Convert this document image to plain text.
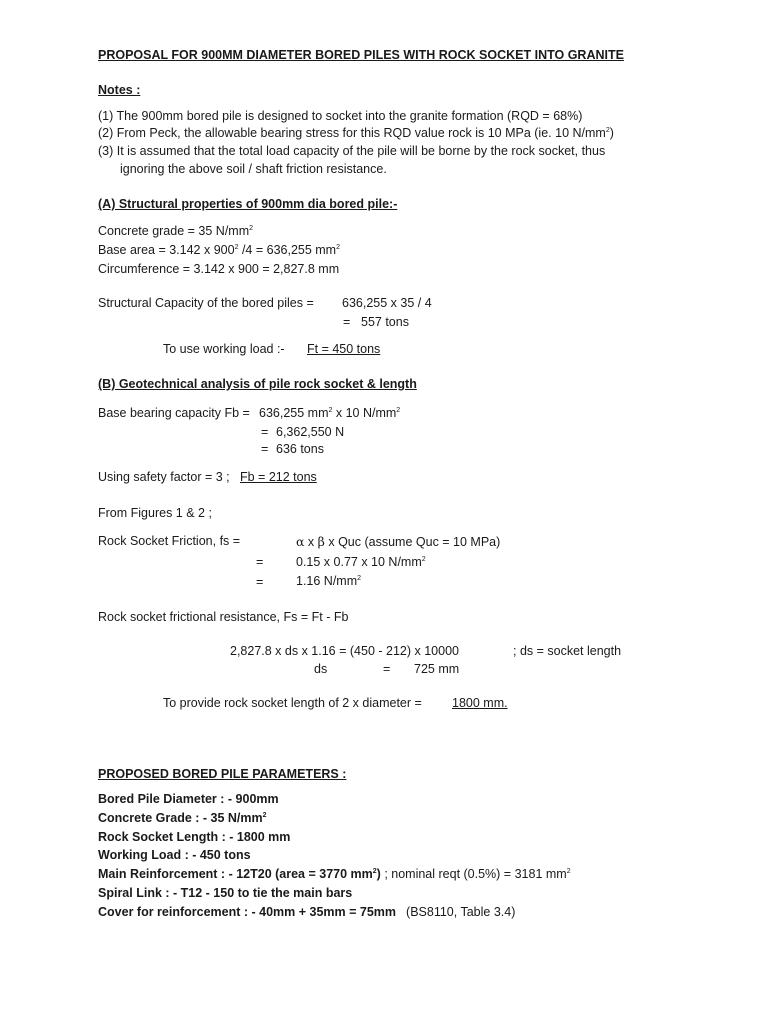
PROPOSAL FOR 900MM DIAMETER BORED PILES WITH ROCK SOCKET INTO GRANITE
Notes :
(1) The 900mm bored pile is designed to socket into the granite formation (RQD = 68%)
(2) From Peck, the allowable bearing stress for this RQD value rock is 10 MPa (ie. 10 $N/mm^2$)
(3) It is assumed that the total load capacity of the pile will be borne by the rock socket, thus
ignoring the above soil / shaft friction resistance.
(A) Structural properties of 900mm dia bored pile:-
Concrete grade = 35 $N/mm^2$
Base area = 3.142 x $900^2$ /4 = 636,255 $mm^2$
Circumference = 3.142 x 900 = 2,827.8 mm
Structural Capacity of the bored piles = 636,255 x 35 / 4
= 557 tons
To use working load :- Ft = 450 tons
(B) Geotechnical analysis of pile rock socket & length
Base bearing capacity Fb = 636,255 $mm^2$ x 10 $N/mm^2$
= 6,362,550 N
= 636 tons
Using safety factor = 3 ; Fb = 212 tons
From Figures 1 & 2 ;
Rock Socket Friction, fs =	α x β x Quc (assume Quc = 10 MPa)
=	0.15 x 0.77 x 10 $N/mm^2$
=	1.16 $N/mm^2$
Rock socket frictional resistance, Fs = Ft - Fb
2,827.8 x ds x 1.16 = (450 - 212) x 10000	; ds = socket length
ds	= 725 mm
To provide rock socket length of 2 x diameter = 1800 mm.
PROPOSED BORED PILE PARAMETERS :
Bored Pile Diameter : - 900mm
Concrete Grade : - 35 $N/mm^2$
Rock Socket Length : - 1800 mm
Working Load : - 450 tons
Main Reinforcement : - 12T20 (area = 3770 $mm^2$) ; nominal reqt (0.5%) = 3181 $mm^2$
Spiral Link : - T12 - 150 to tie the main bars
Cover for reinforcement : - 40mm + 35mm = 75mm (BS8110, Table 3.4)
